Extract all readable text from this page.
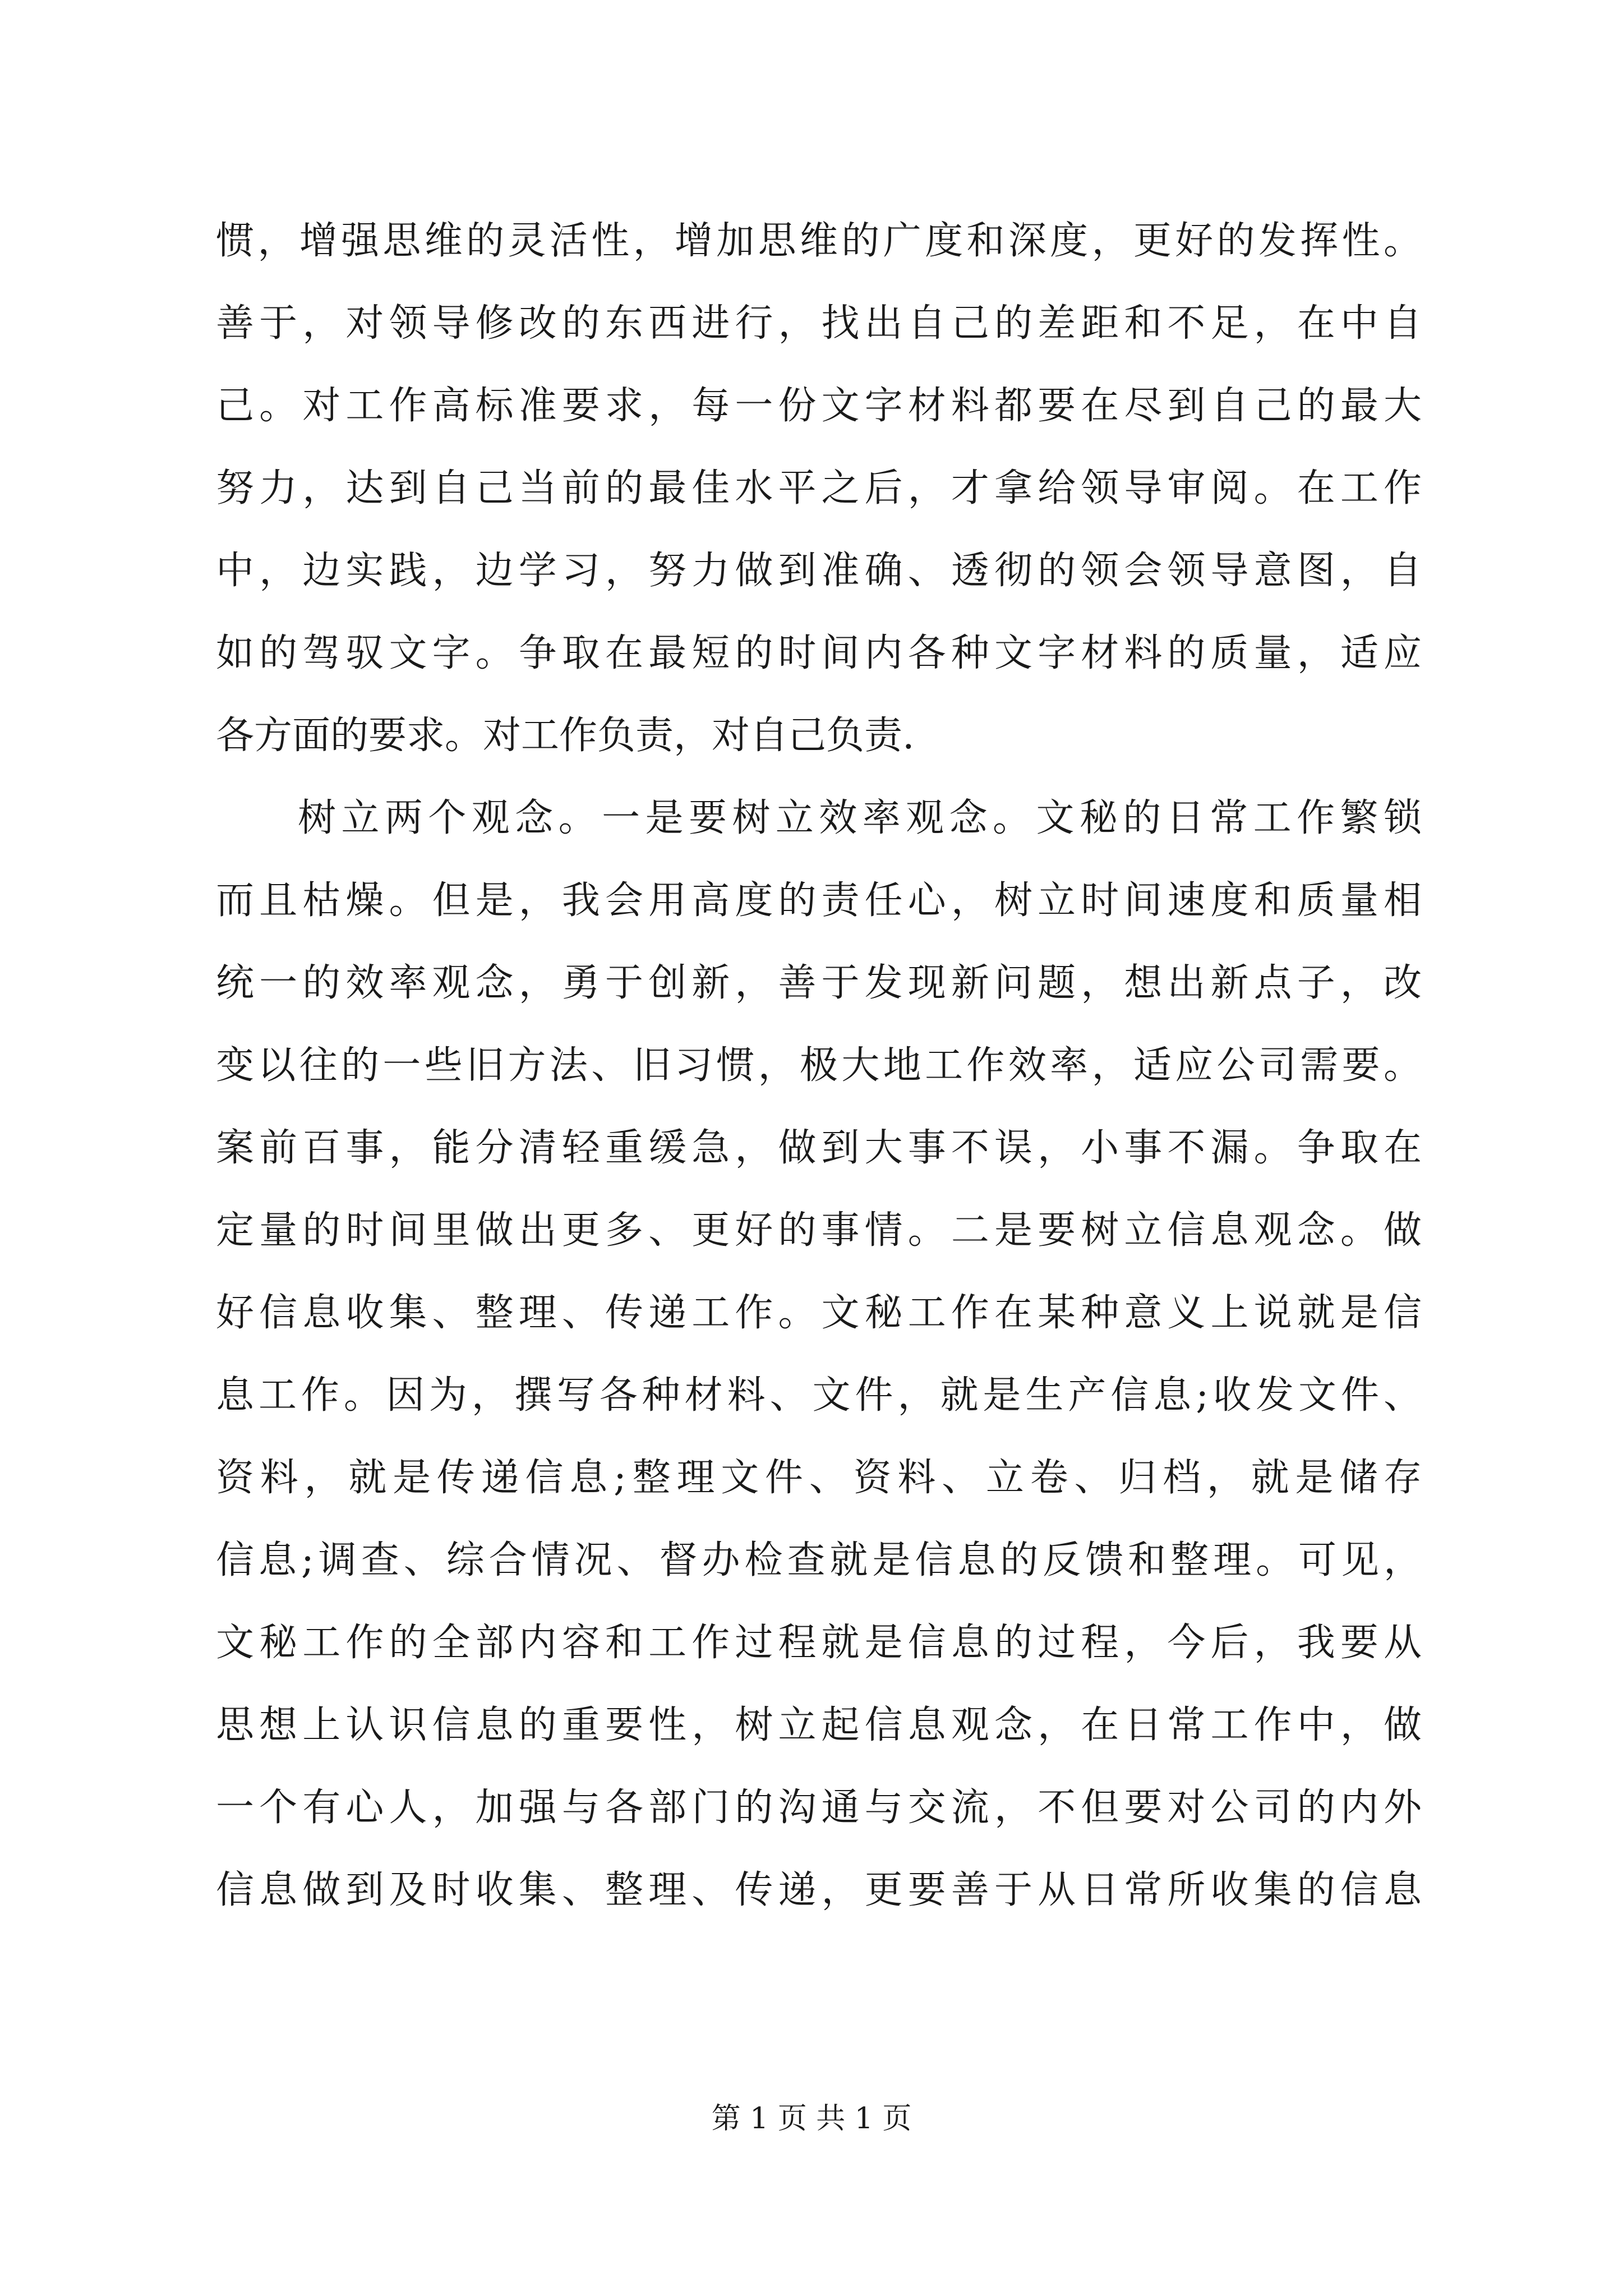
惯，增强思维的灵活性，增加思维的广度和深度，更好的发挥性。
善于，对领导修改的东西进行，找出自己的差距和不足，在中自
己。对工作高标准要求，每一份文字材料都要在尽到自己的最大
努力，达到自己当前的最佳水平之后，才拿给领导审阅。在工作
中，边实践，边学习，努力做到准确、透彻的领会领导意图，自
如的驾驭文字。争取在最短的时间内各种文字材料的质量，适应
各方面的要求。对工作负责，对自己负责.
树立两个观念。一是要树立效率观念。文秘的日常工作繁锁
而且枯燥。但是，我会用高度的责任心，树立时间速度和质量相
统一的效率观念，勇于创新，善于发现新问题，想出新点子，改
变以往的一些旧方法、旧习惯，极大地工作效率，适应公司需要。
案前百事，能分清轻重缓急，做到大事不误，小事不漏。争取在
定量的时间里做出更多、更好的事情。二是要树立信息观念。做
好信息收集、整理、传递工作。文秘工作在某种意义上说就是信
息工作。因为，撰写各种材料、文件，就是生产信息;收发文件、
资料，就是传递信息;整理文件、资料、立卷、归档，就是储存
信息;调查、综合情况、督办检查就是信息的反馈和整理。可见，
文秘工作的全部内容和工作过程就是信息的过程，今后，我要从
思想上认识信息的重要性，树立起信息观念，在日常工作中，做
一个有心人，加强与各部门的沟通与交流，不但要对公司的内外
信息做到及时收集、整理、传递，更要善于从日常所收集的信息
第 1 页 共 1 页
